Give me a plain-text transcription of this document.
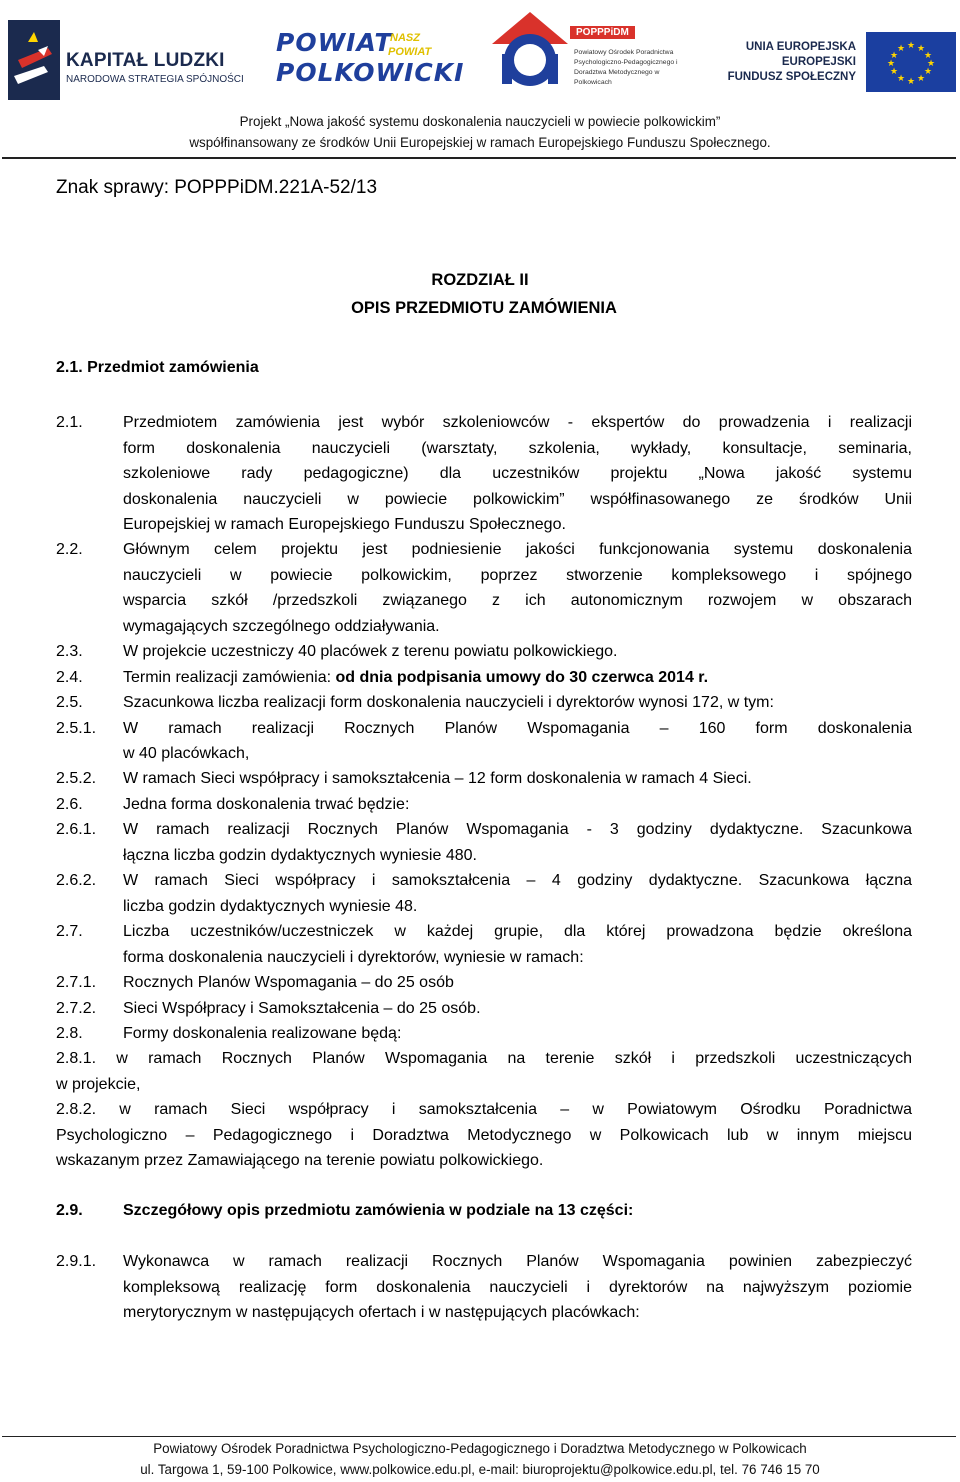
KAPITAŁ LUDZKI
NARODOWA STRATEGIA SPÓJNOŚCI
POWIAT
POLKOWICKI
NASZ
POWIAT
POPPPiDM
Powiatowy Ośrodek Poradnictwa Psychologiczno-Pedagogicznego i Doradztwa Metodycznego w Polkowicach
UNIA EUROPEJSKA
EUROPEJSKI
FUNDUSZ SPOŁECZNY
★ ★
★
★
★
★
★
★
★
★
★
★
Projekt „Nowa jakość systemu doskonalenia nauczycieli w powiecie polkowickim”
współfinansowany ze środków Unii Europejskiej w ramach Europejskiego Funduszu Społecznego.
Znak sprawy: POPPPiDM.221A-52/13
ROZDZIAŁ II
OPIS PRZEDMIOTU ZAMÓWIENIA
2.1. Przedmiot zamówienia
2.1.	Przedmiotem zamówienia jest wybór szkoleniowców - ekspertów do prowadzenia i realizacji
form doskonalenia nauczycieli (warsztaty, szkolenia, wykłady, konsultacje, seminaria,
szkoleniowe rady pedagogiczne) dla uczestników projektu „Nowa jakość systemu
doskonalenia nauczycieli w powiecie polkowickim” współfinasowanego ze środków Unii
Europejskiej w ramach Europejskiego Funduszu Społecznego.
2.2.	Głównym celem projektu jest podniesienie jakości funkcjonowania systemu doskonalenia
nauczycieli w powiecie polkowickim, poprzez stworzenie kompleksowego i spójnego
wsparcia szkół /przedszkoli związanego z ich autonomicznym rozwojem w obszarach
wymagających szczególnego oddziaływania.
2.3.	W projekcie uczestniczy 40 placówek z terenu powiatu polkowickiego.
2.4.	Termin realizacji zamówienia: od dnia podpisania umowy do 30 czerwca 2014 r.
2.5.	Szacunkowa liczba realizacji form doskonalenia nauczycieli i dyrektorów wynosi 172, w tym:
2.5.1. W ramach realizacji Rocznych Planów Wspomagania – 160 form doskonalenia
w 40 placówkach,
2.5.2. W ramach Sieci współpracy i samokształcenia – 12 form doskonalenia w ramach 4 Sieci.
2.6.	Jedna forma doskonalenia trwać będzie:
2.6.1. W ramach realizacji Rocznych Planów Wspomagania - 3 godziny dydaktyczne. Szacunkowa
łączna liczba godzin dydaktycznych wyniesie 480.
2.6.2. W ramach Sieci współpracy i samokształcenia – 4 godziny dydaktyczne. Szacunkowa łączna
liczba godzin dydaktycznych wyniesie 48.
2.7.	Liczba uczestników/uczestniczek w każdej grupie, dla której prowadzona będzie określona
forma doskonalenia nauczycieli i dyrektorów, wyniesie w ramach:
2.7.1. Rocznych Planów Wspomagania – do 25 osób
2.7.2. Sieci Współpracy i Samokształcenia – do 25 osób.
2.8.	Formy doskonalenia realizowane będą:
2.8.1. w ramach Rocznych Planów Wspomagania na terenie szkół i przedszkoli uczestniczących
w projekcie,
2.8.2. w ramach Sieci współpracy i samokształcenia – w Powiatowym Ośrodku Poradnictwa
Psychologiczno – Pedagogicznego i Doradztwa Metodycznego w Polkowicach lub w innym miejscu
wskazanym przez Zamawiającego na terenie powiatu polkowickiego.
2.9.	Szczegółowy opis przedmiotu zamówienia w podziale na 13 części:
2.9.1. Wykonawca w ramach realizacji Rocznych Planów Wspomagania powinien zabezpieczyć
kompleksową realizację form doskonalenia nauczycieli i dyrektorów na najwyższym poziomie
merytorycznym w następujących ofertach i w następujących placówkach:
Powiatowy Ośrodek Poradnictwa Psychologiczno-Pedagogicznego i Doradztwa Metodycznego w Polkowicach
ul. Targowa 1, 59-100 Polkowice, www.polkowice.edu.pl, e-mail: biuroprojektu@polkowice.edu.pl, tel. 76 746 15 70
